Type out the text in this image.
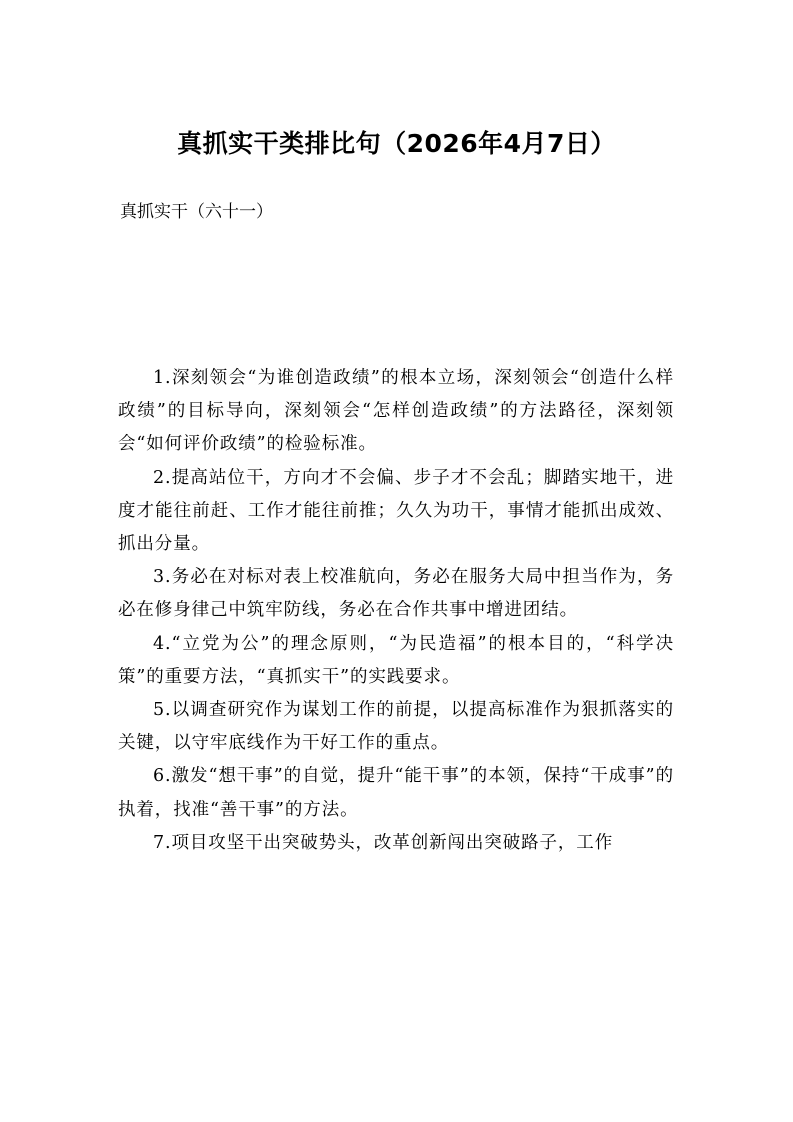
真抓实干类排比句（2026年4月7日）
真抓实干（六十一）

1.深刻领会“为谁创造政绩”的根本立场，深刻领会“创造什么样政绩”的目标导向，深刻领会“怎样创造政绩”的方法路径，深刻领会“如何评价政绩”的检验标准。

2.提高站位干，方向才不会偏、步子才不会乱；脚踏实地干，进度才能往前赶、工作才能往前推；久久为功干，事情才能抓出成效、抓出分量。

3.务必在对标对表上校准航向，务必在服务大局中担当作为，务必在修身律己中筑牢防线，务必在合作共事中增进团结。

4.“立党为公”的理念原则，“为民造福”的根本目的，“科学决策”的重要方法，“真抓实干”的实践要求。

5.以调查研究作为谋划工作的前提，以提高标准作为狠抓落实的关键，以守牢底线作为干好工作的重点。

6.激发“想干事”的自觉，提升“能干事”的本领，保持“干成事”的执着，找准“善干事”的方法。

7.项目攻坚干出突破势头，改革创新闯出突破路子，工作
